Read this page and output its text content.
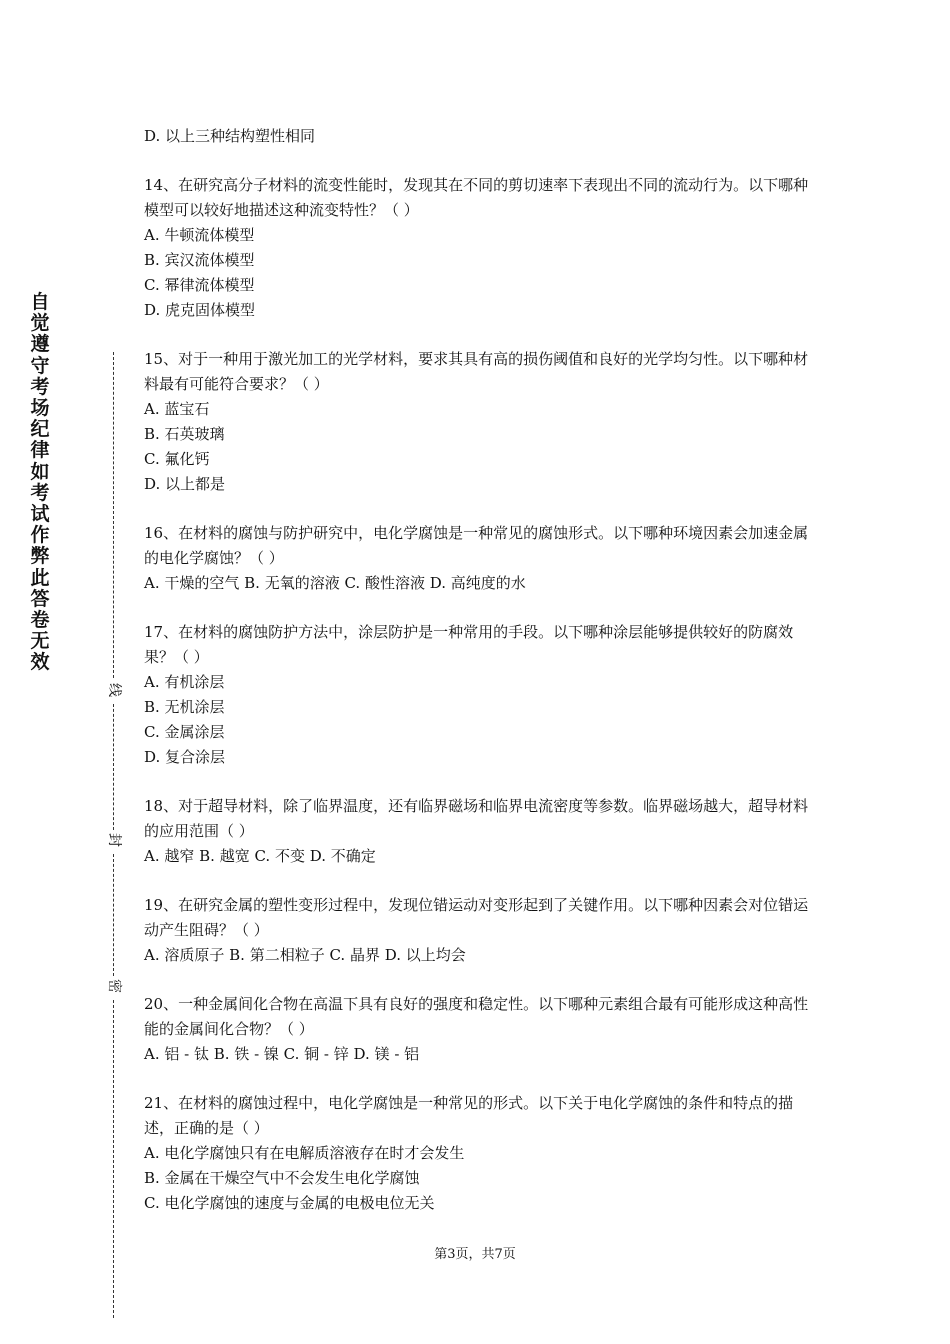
自觉遵守考场纪律如考试作弊此答卷无效
线
封
密

D. 以上三种结构塑性相同

14、在研究高分子材料的流变性能时，发现其在不同的剪切速率下表现出不同的流动行为。以下哪种模型可以较好地描述这种流变特性？（ ）

A. 牛顿流体模型

B. 宾汉流体模型

C. 幂律流体模型

D. 虎克固体模型

15、对于一种用于激光加工的光学材料，要求其具有高的损伤阈值和良好的光学均匀性。以下哪种材料最有可能符合要求？（ ）

A. 蓝宝石

B. 石英玻璃

C. 氟化钙

D. 以上都是

16、在材料的腐蚀与防护研究中，电化学腐蚀是一种常见的腐蚀形式。以下哪种环境因素会加速金属的电化学腐蚀？（ ）

A. 干燥的空气 B. 无氧的溶液 C. 酸性溶液 D. 高纯度的水

17、在材料的腐蚀防护方法中，涂层防护是一种常用的手段。以下哪种涂层能够提供较好的防腐效果？（ ）

A. 有机涂层

B. 无机涂层

C. 金属涂层

D. 复合涂层

18、对于超导材料，除了临界温度，还有临界磁场和临界电流密度等参数。临界磁场越大，超导材料的应用范围（ ）

A. 越窄 B. 越宽 C. 不变 D. 不确定

19、在研究金属的塑性变形过程中，发现位错运动对变形起到了关键作用。以下哪种因素会对位错运动产生阻碍？（ ）

A. 溶质原子 B. 第二相粒子 C. 晶界 D. 以上均会

20、一种金属间化合物在高温下具有良好的强度和稳定性。以下哪种元素组合最有可能形成这种高性能的金属间化合物？（ ）

A. 铝 - 钛 B. 铁 - 镍 C. 铜 - 锌 D. 镁 - 铝

21、在材料的腐蚀过程中，电化学腐蚀是一种常见的形式。以下关于电化学腐蚀的条件和特点的描述，正确的是（ ）

A. 电化学腐蚀只有在电解质溶液存在时才会发生

B. 金属在干燥空气中不会发生电化学腐蚀

C. 电化学腐蚀的速度与金属的电极电位无关

第3页，共7页
